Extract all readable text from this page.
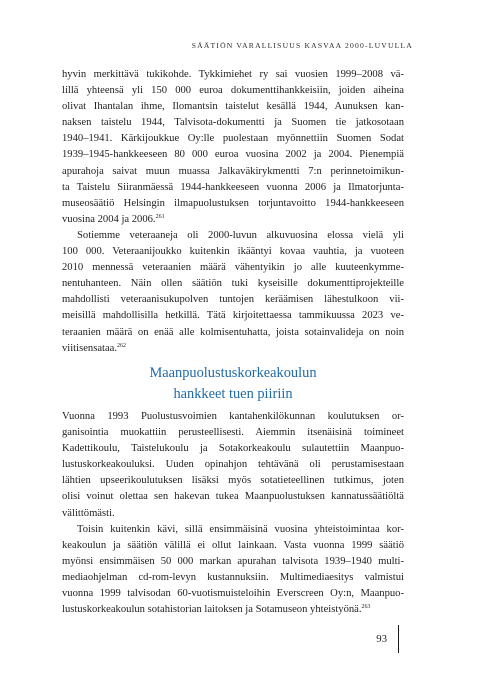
SÄÄTIÖN VARALLISUUS KASVAA 2000-LUVULLA
hyvin merkittävä tukikohde. Tykkimiehet ry sai vuosien 1999–2008 vä-
lillä yhteensä yli 150 000 euroa dokumenttihankkeisiin, joiden aiheina
olivat Ihantalan ihme, Ilomantsin taistelut kesällä 1944, Aunuksen kan-
naksen taistelu 1944, Talvisota-dokumentti ja Suomen tie jatkosotaan
1940–1941. Kärkijoukkue Oy:lle puolestaan myönnettiin Suomen Sodat
1939–1945-hankkeeseen 80 000 euroa vuosina 2002 ja 2004. Pienempiä
apurahoja saivat muun muassa Jalkaväkirykmentti 7:n perinnetoimikun-
ta Taistelu Siiranmäessä 1944-hankkeeseen vuonna 2006 ja Ilmatorjunta-
museosäätiö Helsingin ilmapuolustuksen torjuntavoitto 1944-hankkeeseen
vuosina 2004 ja 2006.$^{261}$
Sotiemme veteraaneja oli 2000-luvun alkuvuosina elossa vielä yli
100 000. Veteraanijoukko kuitenkin ikääntyi kovaa vauhtia, ja vuoteen
2010 mennessä veteraanien määrä vähentyikin jo alle kuuteenkymme-
nentuhanteen. Näin ollen säätiön tuki kyseisille dokumenttiprojekteille
mahdollisti veteraanisukupolven tuntojen keräämisen lähestulkoon vii-
meisillä mahdollisilla hetkillä. Tätä kirjoitettaessa tammikuussa 2023 ve-
teraanien määrä on enää alle kolmisentuhatta, joista sotainvalideja on noin
viitisensataa.$^{262}$
Maanpuolustuskorkeakoulun
hankkeet tuen piiriin
Vuonna 1993 Puolustusvoimien kantahenkilökunnan koulutuksen or-
ganisointia muokattiin perusteellisesti. Aiemmin itsenäisinä toimineet
Kadettikoulu, Taistelukoulu ja Sotakorkeakoulu sulautettiin Maanpuo-
lustuskorkeakouluksi. Uuden opinahjon tehtävänä oli perustamisestaan
lähtien upseerikoulutuksen lisäksi myös sotatieteellinen tutkimus, joten
olisi voinut olettaa sen hakevan tukea Maanpuolustuksen kannatussäätiöltä
välittömästi.
Toisin kuitenkin kävi, sillä ensimmäisinä vuosina yhteistoimintaa kor-
keakoulun ja säätiön välillä ei ollut lainkaan. Vasta vuonna 1999 säätiö
myönsi ensimmäisen 50 000 markan apurahan talvisota 1939–1940 multi-
mediaohjelman cd-rom-levyn kustannuksiin. Multimediaesitys valmistui
vuonna 1999 talvisodan 60-vuotismuisteloihin Everscreen Oy:n, Maanpuo-
lustuskorkeakoulun sotahistorian laitoksen ja Sotamuseon yhteistyönä.$^{263}$
93
